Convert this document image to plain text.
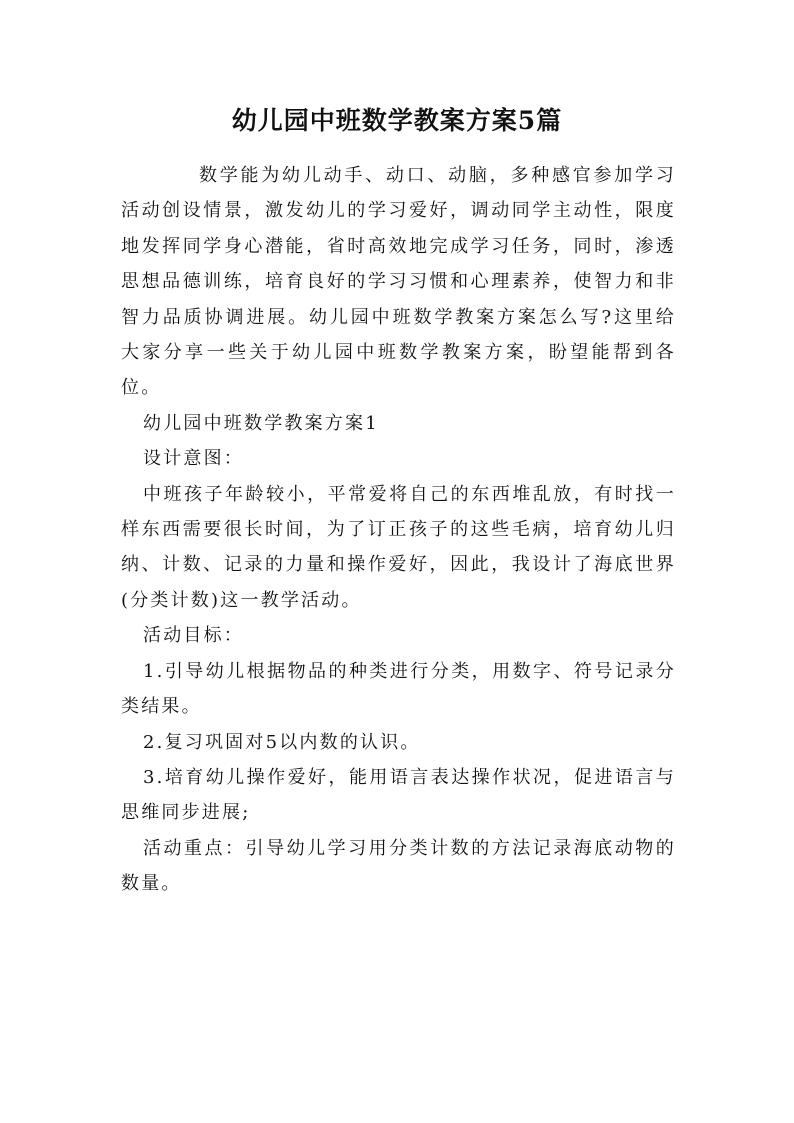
幼儿园中班数学教案方案5篇

数学能为幼儿动手、动口、动脑，多种感官参加学习活动创设情景，激发幼儿的学习爱好，调动同学主动性，限度地发挥同学身心潜能，省时高效地完成学习任务，同时，渗透思想品德训练，培育良好的学习习惯和心理素养，使智力和非智力品质协调进展。幼儿园中班数学教案方案怎么写?这里给大家分享一些关于幼儿园中班数学教案方案，盼望能帮到各位。

幼儿园中班数学教案方案1

设计意图：

中班孩子年龄较小，平常爱将自己的东西堆乱放，有时找一样东西需要很长时间，为了订正孩子的这些毛病，培育幼儿归纳、计数、记录的力量和操作爱好，因此，我设计了海底世界(分类计数)这一教学活动。

活动目标：

1.引导幼儿根据物品的种类进行分类，用数字、符号记录分类结果。

2.复习巩固对5以内数的认识。

3.培育幼儿操作爱好，能用语言表达操作状况，促进语言与思维同步进展;

活动重点：引导幼儿学习用分类计数的方法记录海底动物的数量。
